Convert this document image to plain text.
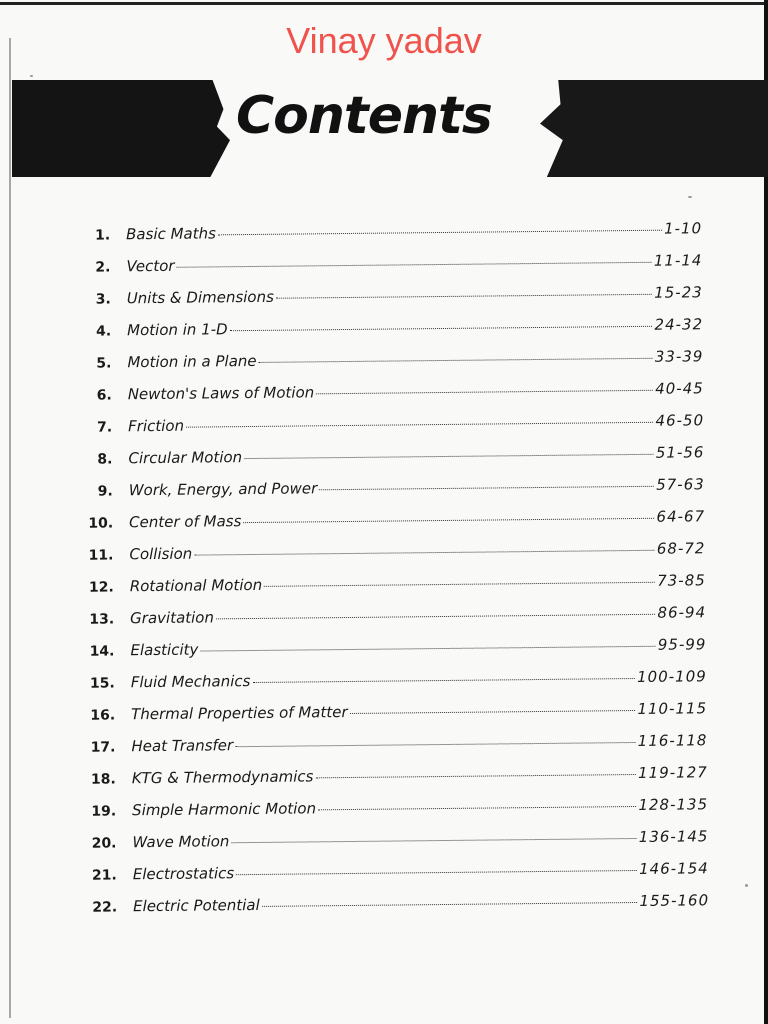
Vinay yadav
Contents
1.	Basic Maths	1-10
2.	Vector	11-14
3.	Units & Dimensions	15-23
4.	Motion in 1-D	24-32
5.	Motion in a Plane	33-39
6.	Newton's Laws of Motion	40-45
7.	Friction	46-50
8.	Circular Motion	51-56
9.	Work, Energy, and Power	57-63
10.	Center of Mass	64-67
11.	Collision	68-72
12.	Rotational Motion	73-85
13.	Gravitation	86-94
14.	Elasticity	95-99
15.	Fluid Mechanics	100-109
16.	Thermal Properties of Matter	110-115
17.	Heat Transfer	116-118
18.	KTG & Thermodynamics	119-127
19.	Simple Harmonic Motion	128-135
20.	Wave Motion	136-145
21.	Electrostatics	146-154
22.	Electric Potential	155-160
